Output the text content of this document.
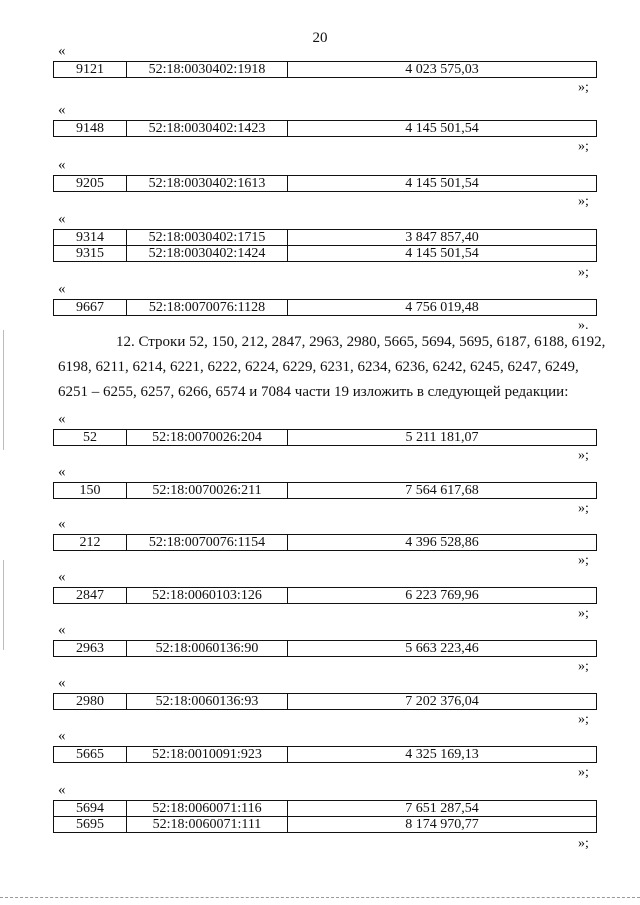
20
«
9121	52:18:0030402:1918	4 023 575,03
»;
«
9148	52:18:0030402:1423	4 145 501,54
»;
«
9205	52:18:0030402:1613	4 145 501,54
»;
«
9314	52:18:0030402:1715	3 847 857,40
9315	52:18:0030402:1424	4 145 501,54
»;
«
9667	52:18:0070076:1128	4 756 019,48
».
12. Строки 52, 150, 212, 2847, 2963, 2980, 5665, 5694, 5695, 6187, 6188, 6192,
6198, 6211, 6214, 6221, 6222, 6224, 6229, 6231, 6234, 6236, 6242, 6245, 6247, 6249,
6251 – 6255, 6257, 6266, 6574 и 7084 части 19 изложить в следующей редакции:
«
52	52:18:0070026:204	5 211 181,07
»;
«
150	52:18:0070026:211	7 564 617,68
»;
«
212	52:18:0070076:1154	4 396 528,86
»;
«
2847	52:18:0060103:126	6 223 769,96
»;
«
2963	52:18:0060136:90	5 663 223,46
»;
«
2980	52:18:0060136:93	7 202 376,04
»;
«
5665	52:18:0010091:923	4 325 169,13
»;
«
5694	52:18:0060071:116	7 651 287,54
5695	52:18:0060071:111	8 174 970,77
»;
